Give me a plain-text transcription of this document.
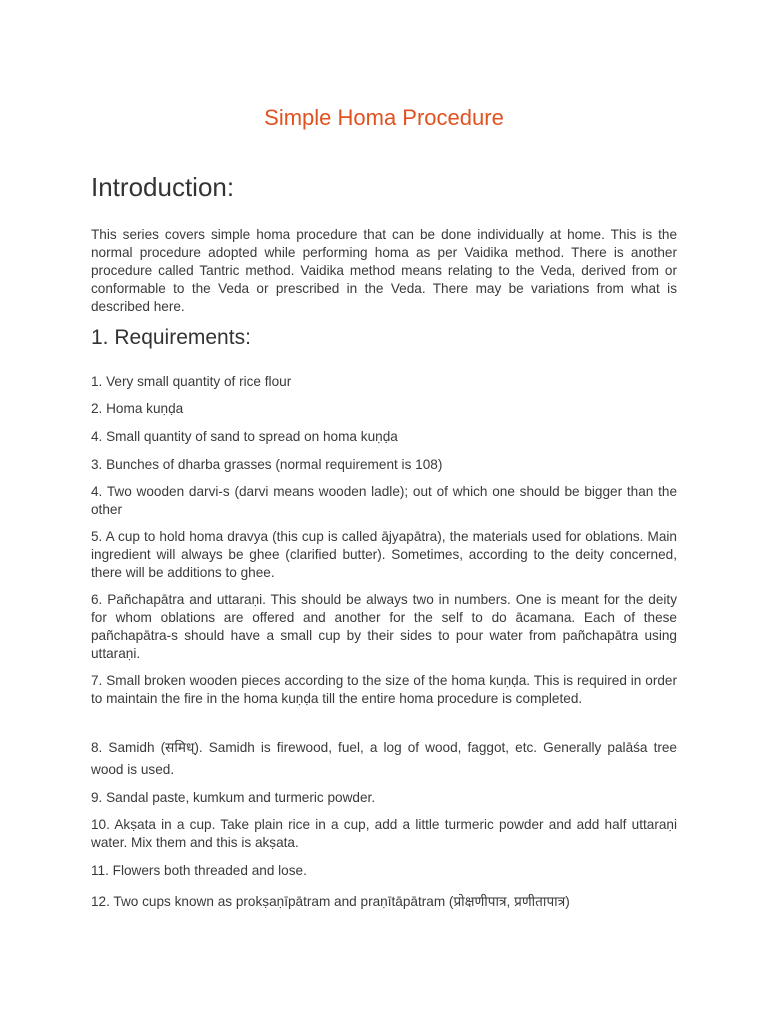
Simple Homa Procedure
Introduction:

This series covers simple homa procedure that can be done individually at home. This is the normal procedure adopted while performing homa as per Vaidika method. There is another procedure called Tantric method. Vaidika method means relating to the Veda, derived from or conformable to the Veda or prescribed in the Veda. There may be variations from what is described here.

1. Requirements:
1. Very small quantity of rice flour
2. Homa kuṇḍa
4. Small quantity of sand to spread on homa kuṇḍa
3. Bunches of dharba grasses (normal requirement is 108)
4. Two wooden darvi-s (darvi means wooden ladle); out of which one should be bigger than the other
5. A cup to hold homa dravya (this cup is called ājyapātra), the materials used for oblations. Main ingredient will always be ghee (clarified butter). Sometimes, according to the deity concerned, there will be additions to ghee.
6. Pañchapātra and uttaraṇi. This should be always two in numbers. One is meant for the deity for whom oblations are offered and another for the self to do ācamana. Each of these pañchapātra-s should have a small cup by their sides to pour water from pañchapātra using uttaraṇi.
7. Small broken wooden pieces according to the size of the homa kuṇḍa. This is required in order to maintain the fire in the homa kuṇḍa till the entire homa procedure is completed.
8. Samidh (समिध्). Samidh is firewood, fuel, a log of wood, faggot, etc. Generally palāśa tree wood is used.
9. Sandal paste, kumkum and turmeric powder.
10. Akṣata in a cup. Take plain rice in a cup, add a little turmeric powder and add half uttaraṇi water. Mix them and this is akṣata.
11. Flowers both threaded and lose.
12. Two cups known as prokṣaṇīpātram and praṇītāpātram (प्रोक्षणीपात्र, प्रणीतापात्र)
